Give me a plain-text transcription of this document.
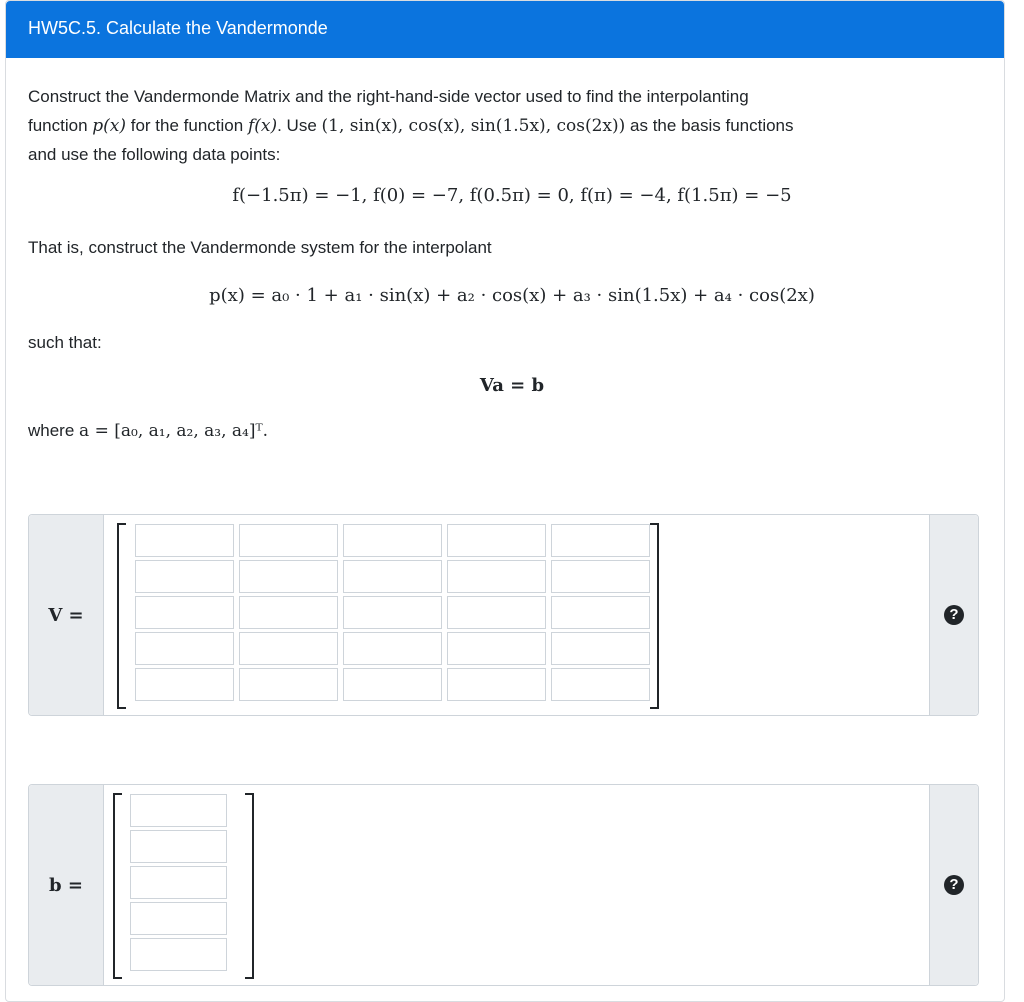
HW5C.5. Calculate the Vandermonde
Construct the Vandermonde Matrix and the right-hand-side vector used to find the interpolanting
function p(x) for the function f(x). Use (1, sin(x), cos(x), sin(1.5x), cos(2x)) as the basis functions
and use the following data points:
f(−1.5π) = −1, f(0) = −7, f(0.5π) = 0, f(π) = −4, f(1.5π) = −5
That is, construct the Vandermonde system for the interpolant
p(x) = a₀ · 1 + a₁ · sin(x) + a₂ · cos(x) + a₃ · sin(1.5x) + a₄ · cos(2x)
such that:
Va = b
where a = [a₀, a₁, a₂, a₃, a₄]ᵀ.
V =	?
b =	?
